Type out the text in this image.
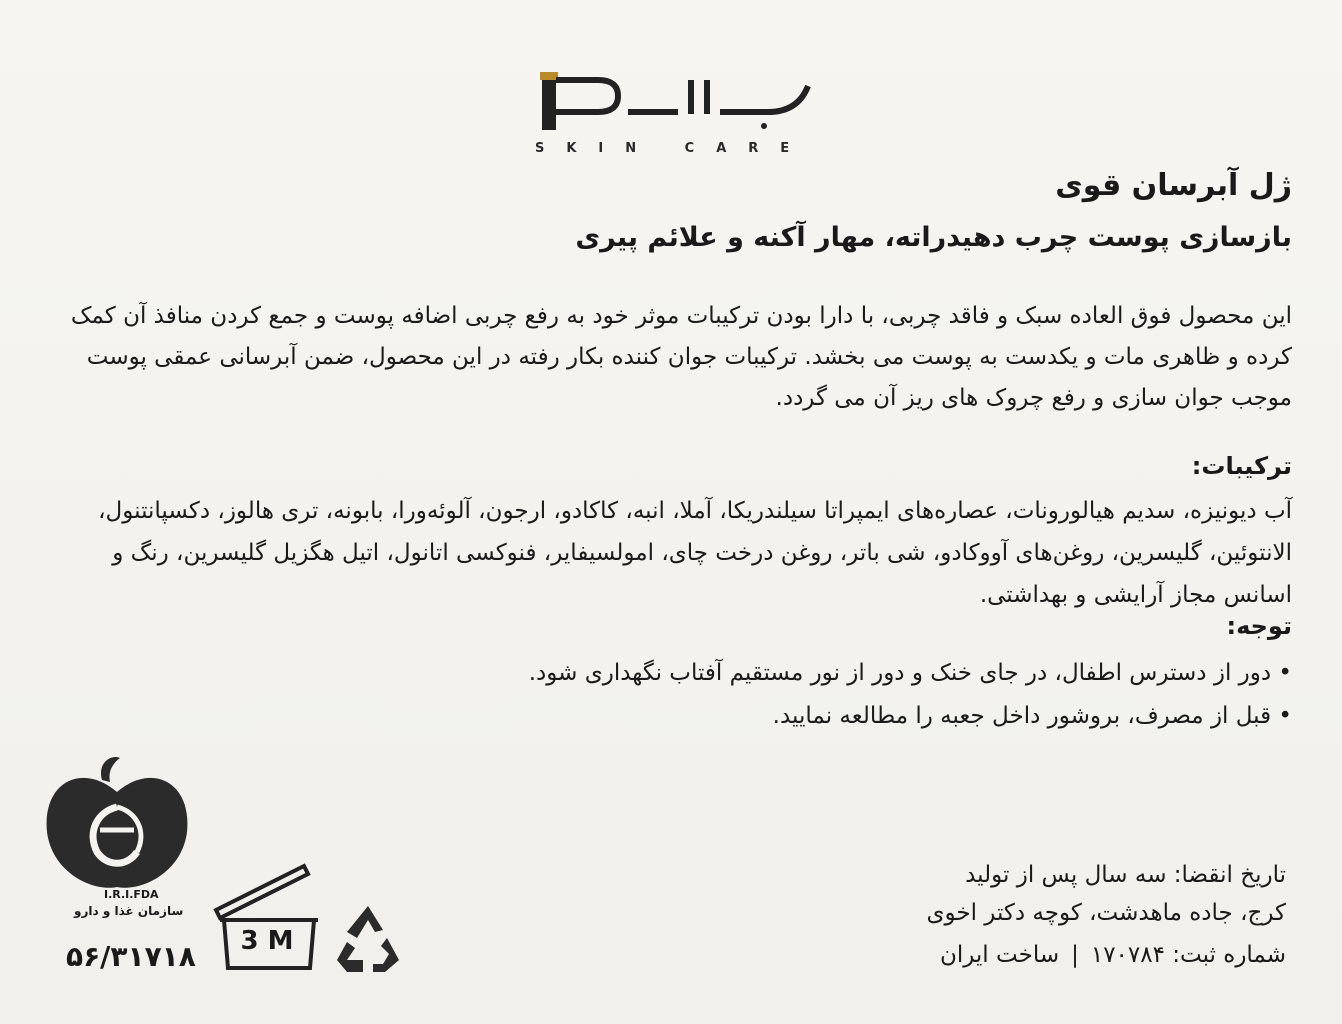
SKIN CARE
ژل آبرسان قوی
بازسازی پوست چرب دهیدراته، مهار آکنه و علائم پیری
این محصول فوق العاده سبک و فاقد چربی، با دارا بودن ترکیبات موثر خود به رفع چربی اضافه پوست و جمع کردن منافذ آن کمک کرده و ظاهری مات و یکدست به پوست می بخشد. ترکیبات جوان کننده بکار رفته در این محصول، ضمن آبرسانی عمقی پوست موجب جوان سازی و رفع چروک های ریز آن می گردد.
ترکیبات:
آب دیونیزه، سدیم هیالورونات، عصاره‌های ایمپراتا سیلندریکا، آملا، انبه، کاکادو، ارجون، آلوئه‌ورا، بابونه، تری هالوز، دکسپانتنول، الانتوئین، گلیسرین، روغن‌های آووکادو، شی باتر، روغن درخت چای، امولسیفایر، فنوکسی اتانول، اتیل هگزیل گلیسرین، رنگ و اسانس مجاز آرایشی و بهداشتی.
توجه:
• دور از دسترس اطفال، در جای خنک و دور از نور مستقیم آفتاب نگهداری شود.
• قبل از مصرف، بروشور داخل جعبه را مطالعه نمایید.
تاریخ انقضا: سه سال پس از تولید
کرج، جاده ماهدشت، کوچه دکتر اخوی
شماره ثبت: ۱۷۰۷۸۴|ساخت ایران
I.R.I.FDA
سازمان غذا و دارو
۵۶/۳۱۷۱۸	3 M
